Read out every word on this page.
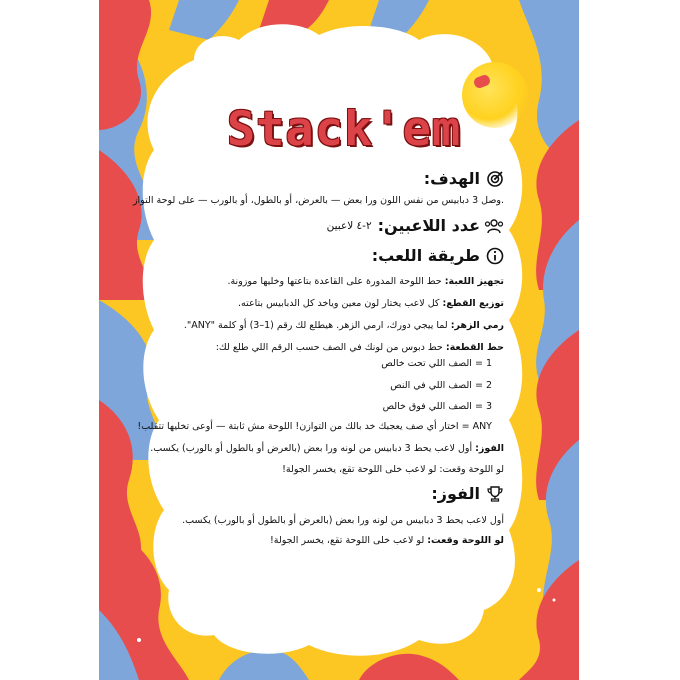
Stack'em
الهدف:
.وصل 3 دبابيس من نفس اللون ورا بعض — بالعرض، أو بالطول، أو بالورب — على لوحة التواز
عدد اللاعبين:
٢-٤ لاعبين
طريقة اللعب:
تجهيز اللعبة: حط اللوحة المدورة على القاعدة بتاعتها وخليها موزونة.
توزيع القطع: كل لاعب يختار لون معين وياخد كل الدبابيس بتاعته.
رمي الزهر: لما ييجي دورك، ارمي الزهر. هيطلع لك رقم (1–3) أو كلمة "ANY".
حط القطعة: حط دبوس من لونك في الصف حسب الرقم اللي طلع لك:
1 = الصف اللي تحت خالص
2 = الصف اللي في النص
3 = الصف اللي فوق خالص
ANY = اختار أي صف يعجبك خد بالك من التوازن! اللوحة مش ثابتة — أوعى تخليها تتقلب!
الفوز: أول لاعب يحط 3 دبابيس من لونه ورا بعض (بالعرض أو بالطول أو بالورب) يكسب.
لو اللوحة وقعت: لو لاعب خلى اللوحة تقع، يخسر الجولة!
الفوز:
أول لاعب يحط 3 دبابيس من لونه ورا بعض (بالعرض أو بالطول أو بالورب) يكسب.
لو اللوحة وقعت: لو لاعب خلى اللوحة تقع، يخسر الجولة!
